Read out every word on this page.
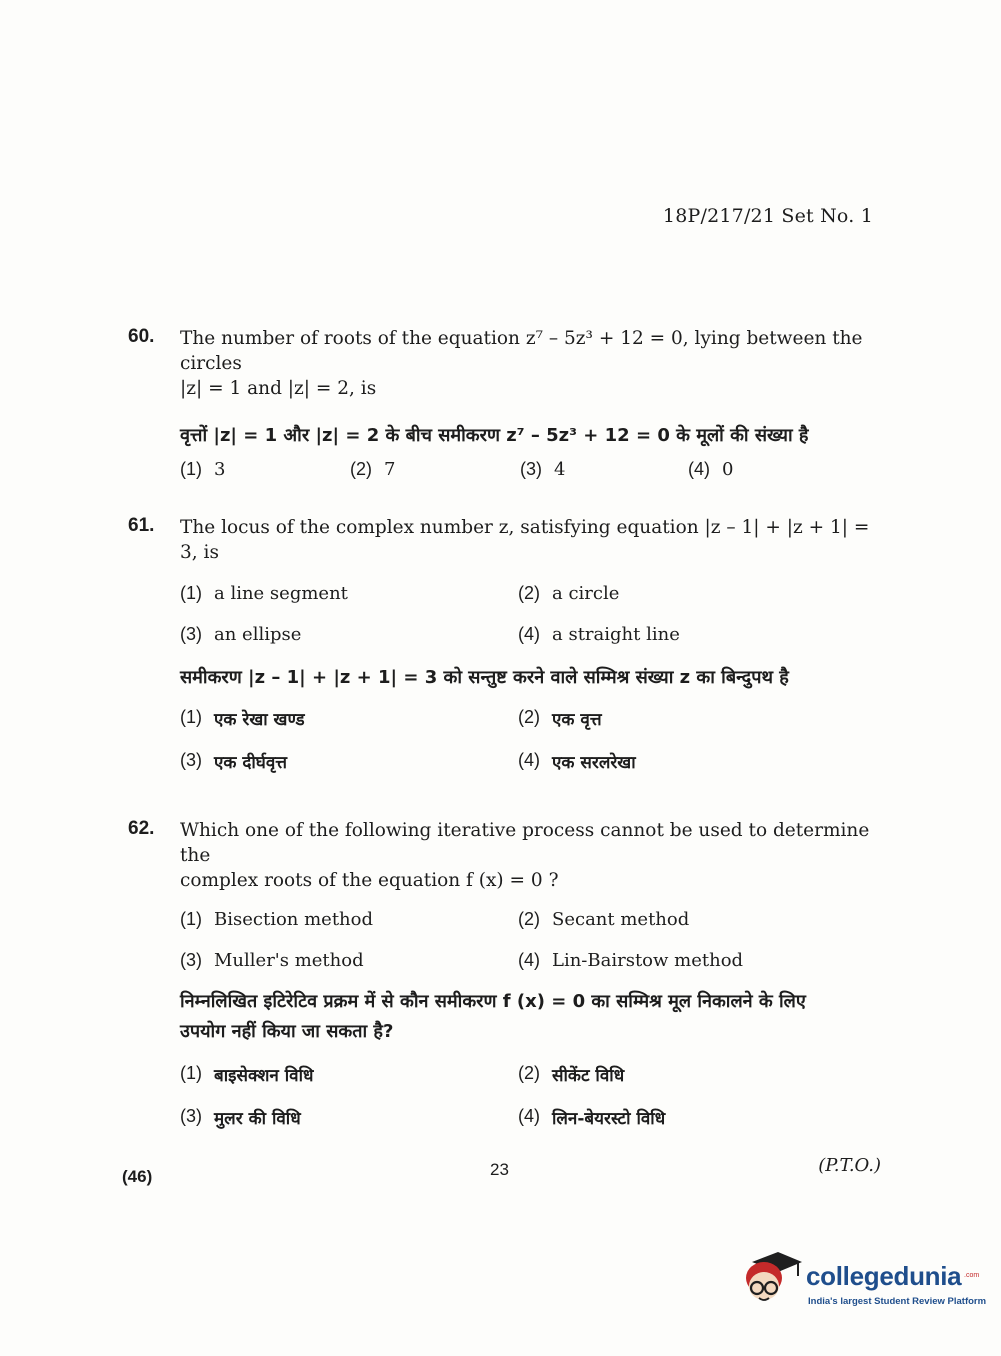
18P/217/21 Set No. 1
60. The number of roots of the equation z⁷ – 5z³ + 12 = 0, lying between the circles
|z| = 1 and |z| = 2, is
वृत्तों |z| = 1 और |z| = 2 के बीच समीकरण z⁷ – 5z³ + 12 = 0 के मूलों की संख्या है
(1) 3	(2) 7	(3) 4	(4) 0
61. The locus of the complex number z, satisfying equation |z – 1| + |z + 1| = 3, is
(1) a line segment	(2) a circle
(3) an ellipse	(4) a straight line
समीकरण |z – 1| + |z + 1| = 3 को सन्तुष्ट करने वाले सम्मिश्र संख्या z का बिन्दुपथ है
(1) एक रेखा खण्ड	(2) एक वृत्त
(3) एक दीर्घवृत्त	(4) एक सरलरेखा
62. Which one of the following iterative process cannot be used to determine the
complex roots of the equation f (x) = 0 ?
(1) Bisection method	(2) Secant method
(3) Muller's method	(4) Lin-Bairstow method
निम्नलिखित इटिरेटिव प्रक्रम में से कौन समीकरण f (x) = 0 का सम्मिश्र मूल निकालने के लिए
उपयोग नहीं किया जा सकता है?
(1) बाइसेक्शन विधि	(2) सीकेंट विधि
(3) मुलर की विधि	(4) लिन-बेयरस्टो विधि
(46)	23	(P.T.O.)
collegedunia .com
India's largest Student Review Platform
